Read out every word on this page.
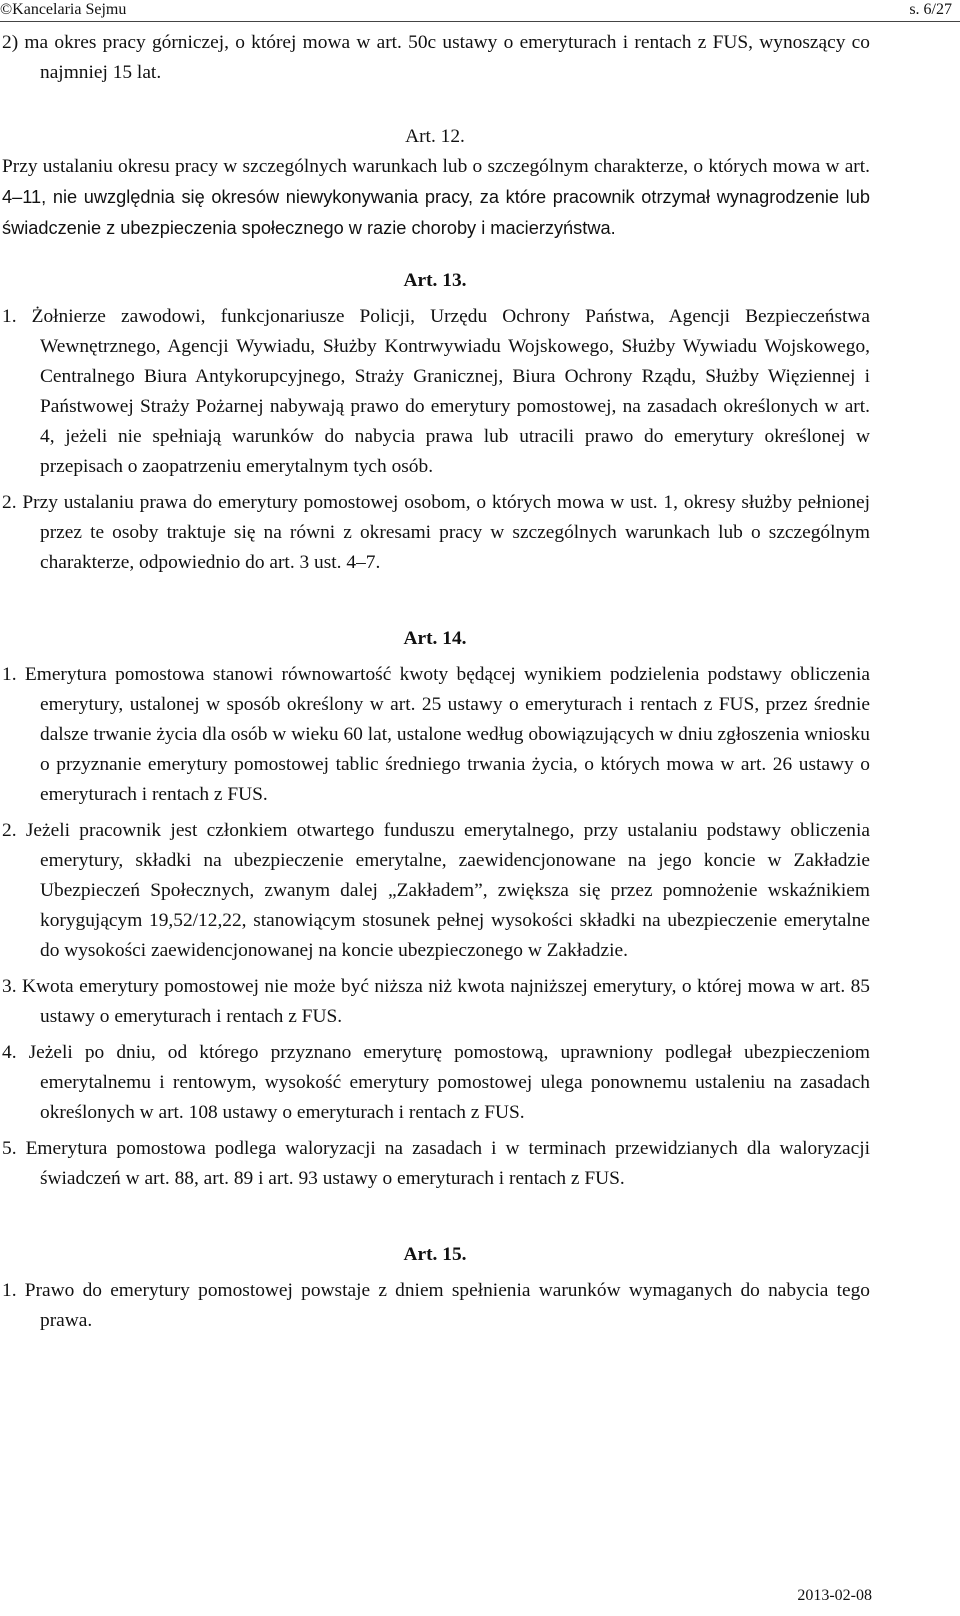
©Kancelaria Sejmu	s. 6/27

2) ma okres pracy górniczej, o której mowa w art. 50c ustawy o emeryturach i rentach z FUS, wynoszący co najmniej 15 lat.

Art. 12.

Przy ustalaniu okresu pracy w szczególnych warunkach lub o szczególnym charakterze, o których mowa w art. 4–11, nie uwzględnia się okresów niewykonywania pracy, za które pracownik otrzymał wynagrodzenie lub świadczenie z ubezpieczenia społecznego w razie choroby i macierzyństwa.

Art. 13.

1. Żołnierze zawodowi, funkcjonariusze Policji, Urzędu Ochrony Państwa, Agencji Bezpieczeństwa Wewnętrznego, Agencji Wywiadu, Służby Kontrwywiadu Wojskowego, Służby Wywiadu Wojskowego, Centralnego Biura Antykorupcyjnego, Straży Granicznej, Biura Ochrony Rządu, Służby Więziennej i Państwowej Straży Pożarnej nabywają prawo do emerytury pomostowej, na zasadach określonych w art. 4, jeżeli nie spełniają warunków do nabycia prawa lub utracili prawo do emerytury określonej w przepisach o zaopatrzeniu emerytalnym tych osób.

2. Przy ustalaniu prawa do emerytury pomostowej osobom, o których mowa w ust. 1, okresy służby pełnionej przez te osoby traktuje się na równi z okresami pracy w szczególnych warunkach lub o szczególnym charakterze, odpowiednio do art. 3 ust. 4–7.

Art. 14.

1. Emerytura pomostowa stanowi równowartość kwoty będącej wynikiem podzielenia podstawy obliczenia emerytury, ustalonej w sposób określony w art. 25 ustawy o emeryturach i rentach z FUS, przez średnie dalsze trwanie życia dla osób w wieku 60 lat, ustalone według obowiązujących w dniu zgłoszenia wniosku o przyznanie emerytury pomostowej tablic średniego trwania życia, o których mowa w art. 26 ustawy o emeryturach i rentach z FUS.

2. Jeżeli pracownik jest członkiem otwartego funduszu emerytalnego, przy ustalaniu podstawy obliczenia emerytury, składki na ubezpieczenie emerytalne, zaewidencjonowane na jego koncie w Zakładzie Ubezpieczeń Społecznych, zwanym dalej „Zakładem”, zwiększa się przez pomnożenie wskaźnikiem korygującym 19,52/12,22, stanowiącym stosunek pełnej wysokości składki na ubezpieczenie emerytalne do wysokości zaewidencjonowanej na koncie ubezpieczonego w Zakładzie.

3. Kwota emerytury pomostowej nie może być niższa niż kwota najniższej emerytury, o której mowa w art. 85 ustawy o emeryturach i rentach z FUS.

4. Jeżeli po dniu, od którego przyznano emeryturę pomostową, uprawniony podlegał ubezpieczeniom emerytalnemu i rentowym, wysokość emerytury pomostowej ulega ponownemu ustaleniu na zasadach określonych w art. 108 ustawy o emeryturach i rentach z FUS.

5. Emerytura pomostowa podlega waloryzacji na zasadach i w terminach przewidzianych dla waloryzacji świadczeń w art. 88, art. 89 i art. 93 ustawy o emeryturach i rentach z FUS.

Art. 15.

1. Prawo do emerytury pomostowej powstaje z dniem spełnienia warunków wymaganych do nabycia tego prawa.

2013-02-08
